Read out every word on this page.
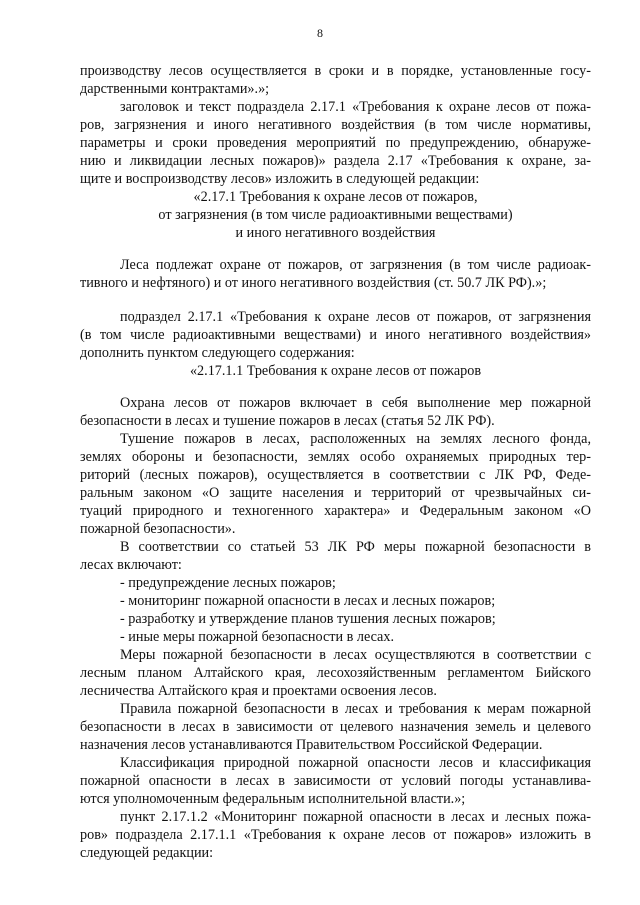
8
производству лесов осуществляется в сроки и в порядке, установленные госу-
дарственными контрактами».»;
заголовок и текст подраздела 2.17.1 «Требования к охране лесов от пожа-
ров, загрязнения и иного негативного воздействия (в том числе нормативы,
параметры и сроки проведения мероприятий по предупреждению, обнаруже-
нию и ликвидации лесных пожаров)» раздела 2.17 «Требования к охране, за-
щите и воспроизводству лесов» изложить в следующей редакции:
«2.17.1 Требования к охране лесов от пожаров,
от загрязнения (в том числе радиоактивными веществами)
и иного негативного воздействия
Леса подлежат охране от пожаров, от загрязнения (в том числе радиоак-
тивного и нефтяного) и от иного негативного воздействия (ст. 50.7 ЛК РФ).»;
подраздел 2.17.1 «Требования к охране лесов от пожаров, от загрязнения
(в том числе радиоактивными веществами) и иного негативного воздействия»
дополнить пунктом следующего содержания:
«2.17.1.1 Требования к охране лесов от пожаров
Охрана лесов от пожаров включает в себя выполнение мер пожарной
безопасности в лесах и тушение пожаров в лесах (статья 52 ЛК РФ).
Тушение пожаров в лесах, расположенных на землях лесного фонда,
землях обороны и безопасности, землях особо охраняемых природных тер-
риторий (лесных пожаров), осуществляется в соответствии с ЛК РФ, Феде-
ральным законом «О защите населения и территорий от чрезвычайных си-
туаций природного и техногенного характера» и Федеральным законом «О
пожарной безопасности».
В соответствии со статьей 53 ЛК РФ меры пожарной безопасности в
лесах включают:
- предупреждение лесных пожаров;
- мониторинг пожарной опасности в лесах и лесных пожаров;
- разработку и утверждение планов тушения лесных пожаров;
- иные меры пожарной безопасности в лесах.
Меры пожарной безопасности в лесах осуществляются в соответствии с
лесным планом Алтайского края, лесохозяйственным регламентом Бийского
лесничества Алтайского края и проектами освоения лесов.
Правила пожарной безопасности в лесах и требования к мерам пожарной
безопасности в лесах в зависимости от целевого назначения земель и целевого
назначения лесов устанавливаются Правительством Российской Федерации.
Классификация природной пожарной опасности лесов и классификация
пожарной опасности в лесах в зависимости от условий погоды устанавлива-
ются уполномоченным федеральным исполнительной власти.»;
пункт 2.17.1.2 «Мониторинг пожарной опасности в лесах и лесных пожа-
ров» подраздела 2.17.1.1 «Требования к охране лесов от пожаров» изложить в
следующей редакции:
